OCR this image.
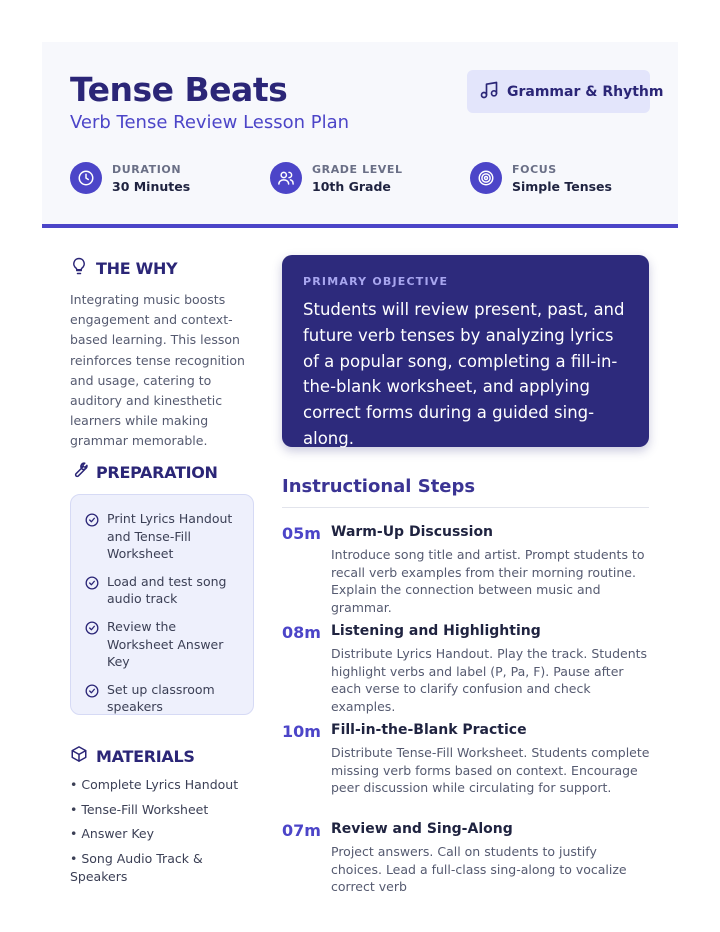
Tense Beats
Verb Tense Review Lesson Plan
Grammar & Rhythm
DURATION
30 Minutes
GRADE LEVEL
10th Grade
FOCUS
Simple Tenses
THE WHY
Integrating music boosts engagement and context-based learning. This lesson reinforces tense recognition and usage, catering to auditory and kinesthetic learners while making grammar memorable.
PREPARATION
Print Lyrics Handout and Tense-Fill Worksheet
Load and test song audio track
Review the Worksheet Answer Key
Set up classroom speakers
MATERIALS
• Complete Lyrics Handout
• Tense-Fill Worksheet
• Answer Key
• Song Audio Track & Speakers
PRIMARY OBJECTIVE
Students will review present, past, and future verb tenses by analyzing lyrics of a popular song, completing a fill-in-the-blank worksheet, and applying correct forms during a guided sing-along.
Instructional Steps
05m Warm-Up Discussion
Introduce song title and artist. Prompt students to recall verb examples from their morning routine. Explain the connection between music and grammar.
08m Listening and Highlighting
Distribute Lyrics Handout. Play the track. Students highlight verbs and label (P, Pa, F). Pause after each verse to clarify confusion and check examples.
10m Fill-in-the-Blank Practice
Distribute Tense-Fill Worksheet. Students complete missing verb forms based on context. Encourage peer discussion while circulating for support.
07m Review and Sing-Along
Project answers. Call on students to justify choices. Lead a full-class sing-along to vocalize correct verb
